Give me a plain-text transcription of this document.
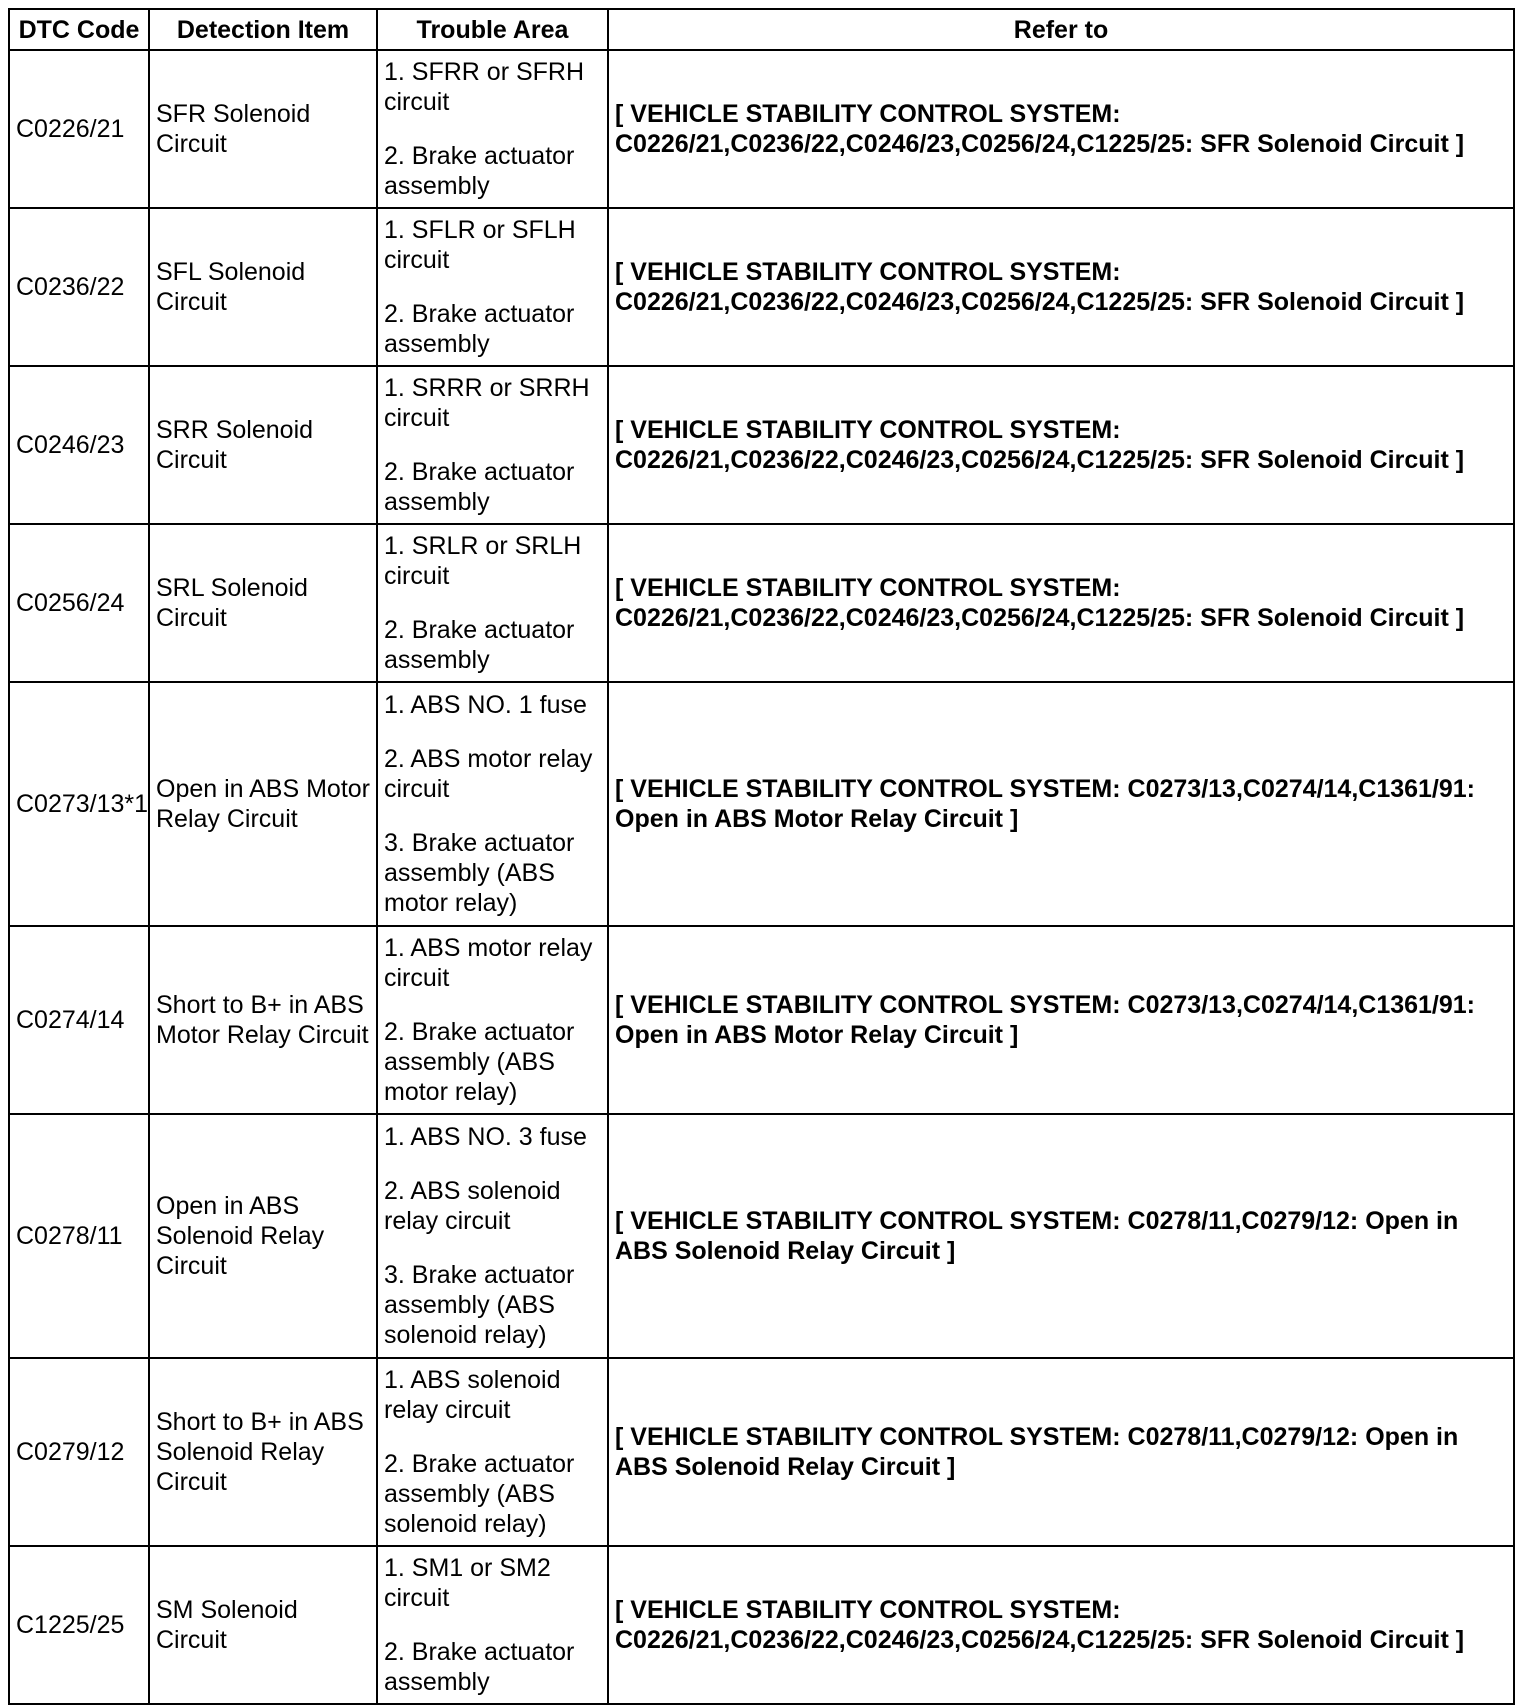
DTC Code	Detection Item	Trouble Area	Refer to
C0226/21	SFR Solenoid Circuit	1. SFRR or SFRH circuit

2. Brake actuator assembly	[ VEHICLE STABILITY CONTROL SYSTEM: C0226/21,C0236/22,C0246/23,C0256/24,C1225/25: SFR Solenoid Circuit ]
C0236/22	SFL Solenoid Circuit	1. SFLR or SFLH circuit

2. Brake actuator assembly	[ VEHICLE STABILITY CONTROL SYSTEM: C0226/21,C0236/22,C0246/23,C0256/24,C1225/25: SFR Solenoid Circuit ]
C0246/23	SRR Solenoid Circuit	1. SRRR or SRRH circuit

2. Brake actuator assembly	[ VEHICLE STABILITY CONTROL SYSTEM: C0226/21,C0236/22,C0246/23,C0256/24,C1225/25: SFR Solenoid Circuit ]
C0256/24	SRL Solenoid Circuit	1. SRLR or SRLH circuit

2. Brake actuator assembly	[ VEHICLE STABILITY CONTROL SYSTEM: C0226/21,C0236/22,C0246/23,C0256/24,C1225/25: SFR Solenoid Circuit ]
C0273/13*1	Open in ABS Motor Relay Circuit	1. ABS NO. 1 fuse

2. ABS motor relay circuit

3. Brake actuator assembly (ABS motor relay)	[ VEHICLE STABILITY CONTROL SYSTEM: C0273/13,C0274/14,C1361/91: Open in ABS Motor Relay Circuit ]
C0274/14	Short to B+ in ABS Motor Relay Circuit	1. ABS motor relay circuit

2. Brake actuator assembly (ABS motor relay)	[ VEHICLE STABILITY CONTROL SYSTEM: C0273/13,C0274/14,C1361/91: Open in ABS Motor Relay Circuit ]
C0278/11	Open in ABS Solenoid Relay Circuit	1. ABS NO. 3 fuse

2. ABS solenoid relay circuit

3. Brake actuator assembly (ABS solenoid relay)	[ VEHICLE STABILITY CONTROL SYSTEM: C0278/11,C0279/12: Open in ABS Solenoid Relay Circuit ]
C0279/12	Short to B+ in ABS Solenoid Relay Circuit	1. ABS solenoid relay circuit

2. Brake actuator assembly (ABS solenoid relay)	[ VEHICLE STABILITY CONTROL SYSTEM: C0278/11,C0279/12: Open in ABS Solenoid Relay Circuit ]
C1225/25	SM Solenoid Circuit	1. SM1 or SM2 circuit

2. Brake actuator assembly	[ VEHICLE STABILITY CONTROL SYSTEM: C0226/21,C0236/22,C0246/23,C0256/24,C1225/25: SFR Solenoid Circuit ]
